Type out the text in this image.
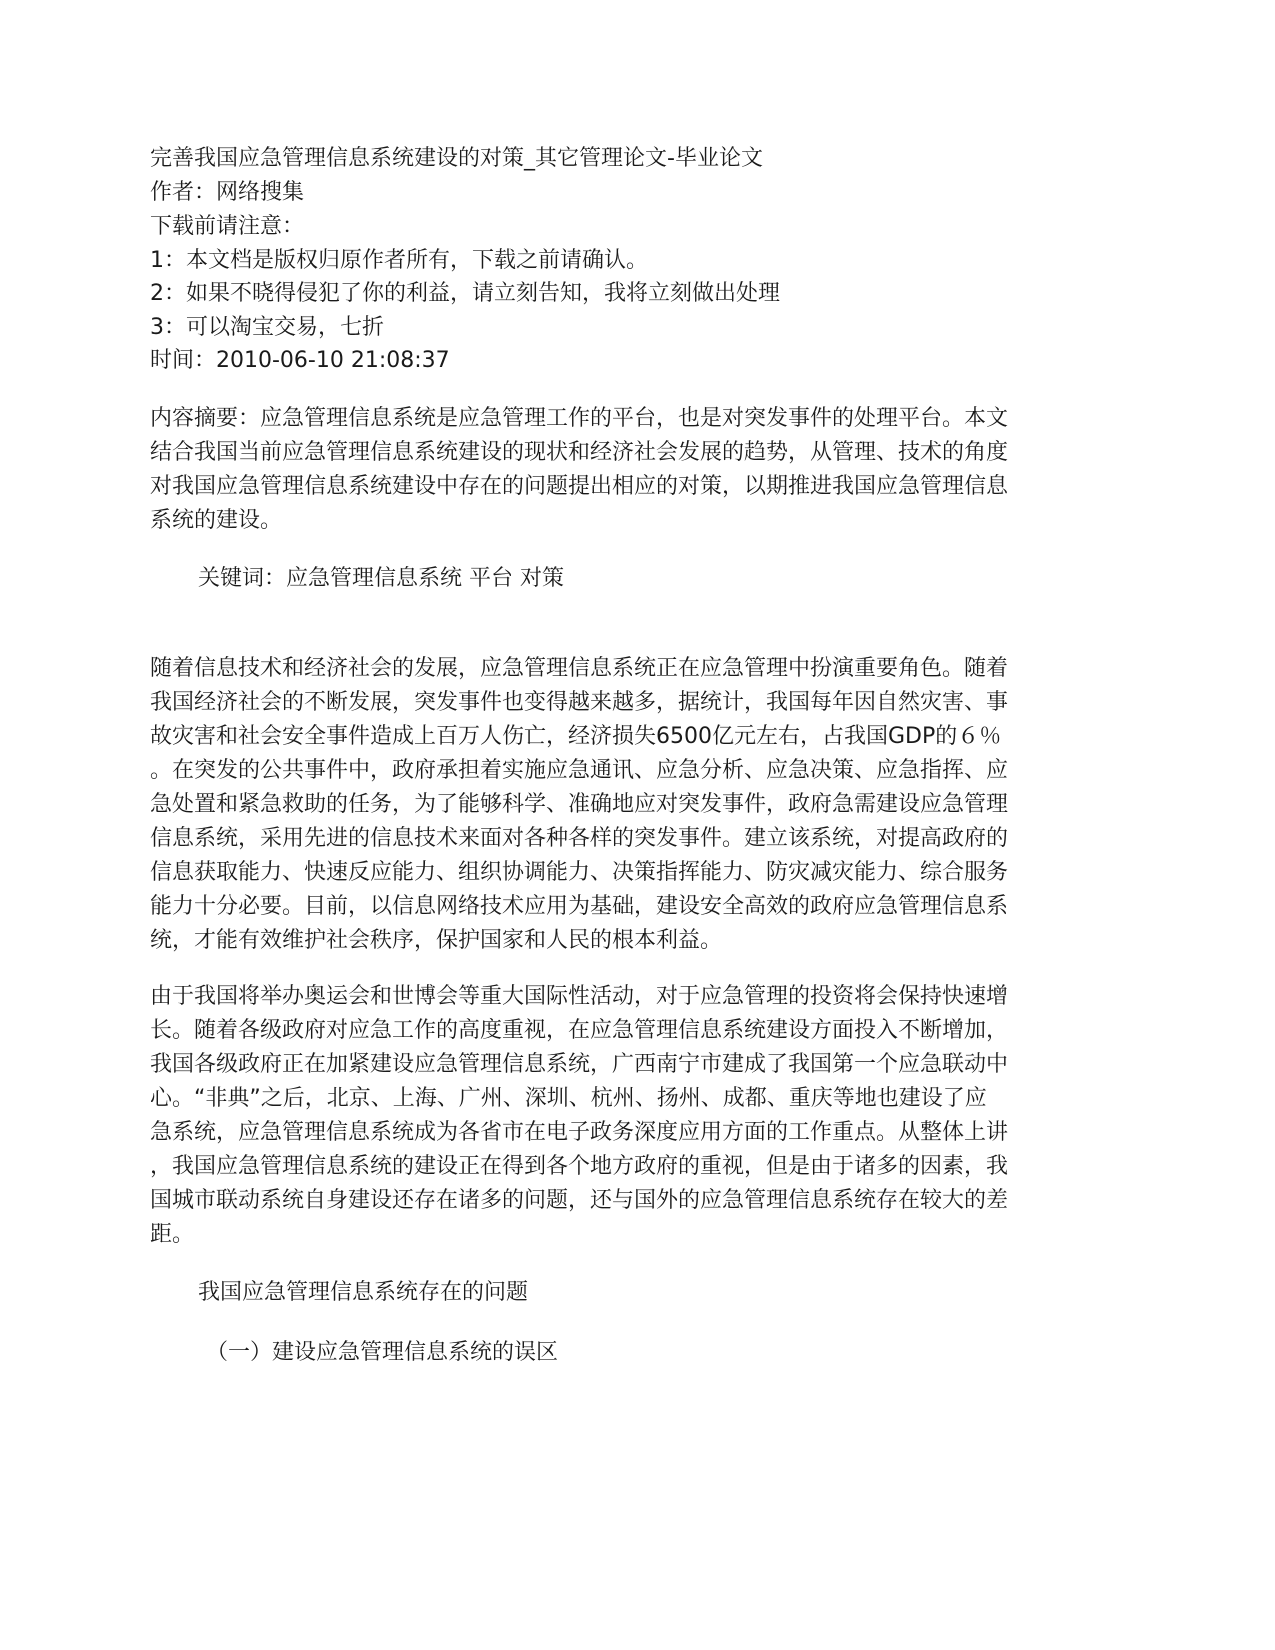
完善我国应急管理信息系统建设的对策_其它管理论文-毕业论文
作者：网络搜集
下载前请注意：
1：本文档是版权归原作者所有，下载之前请确认。
2：如果不晓得侵犯了你的利益，请立刻告知，我将立刻做出处理
3：可以淘宝交易，七折
时间：2010-06-10 21:08:37
内容摘要：应急管理信息系统是应急管理工作的平台，也是对突发事件的处理平台。本文
结合我国当前应急管理信息系统建设的现状和经济社会发展的趋势，从管理、技术的角度
对我国应急管理信息系统建设中存在的问题提出相应的对策，以期推进我国应急管理信息
系统的建设。
关键词：应急管理信息系统 平台 对策
随着信息技术和经济社会的发展，应急管理信息系统正在应急管理中扮演重要角色。随着
我国经济社会的不断发展，突发事件也变得越来越多，据统计，我国每年因自然灾害、事
故灾害和社会安全事件造成上百万人伤亡，经济损失6500亿元左右，占我国GDP的６％
。在突发的公共事件中，政府承担着实施应急通讯、应急分析、应急决策、应急指挥、应
急处置和紧急救助的任务，为了能够科学、准确地应对突发事件，政府急需建设应急管理
信息系统，采用先进的信息技术来面对各种各样的突发事件。建立该系统，对提高政府的
信息获取能力、快速反应能力、组织协调能力、决策指挥能力、防灾减灾能力、综合服务
能力十分必要。目前，以信息网络技术应用为基础，建设安全高效的政府应急管理信息系
统，才能有效维护社会秩序，保护国家和人民的根本利益。
由于我国将举办奥运会和世博会等重大国际性活动，对于应急管理的投资将会保持快速增
长。随着各级政府对应急工作的高度重视，在应急管理信息系统建设方面投入不断增加，
我国各级政府正在加紧建设应急管理信息系统，广西南宁市建成了我国第一个应急联动中
心。“非典”之后，北京、上海、广州、深圳、杭州、扬州、成都、重庆等地也建设了应
急系统，应急管理信息系统成为各省市在电子政务深度应用方面的工作重点。从整体上讲
，我国应急管理信息系统的建设正在得到各个地方政府的重视，但是由于诸多的因素，我
国城市联动系统自身建设还存在诸多的问题，还与国外的应急管理信息系统存在较大的差
距。
我国应急管理信息系统存在的问题
（一）建设应急管理信息系统的误区
